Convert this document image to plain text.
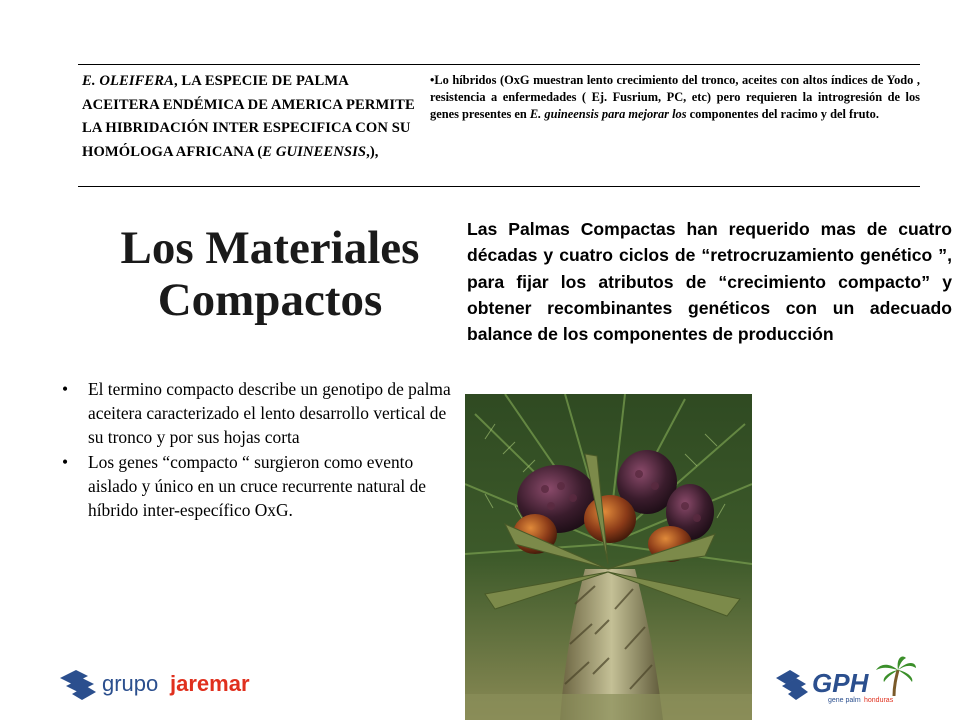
E. OLEIFERA, LA ESPECIE DE PALMA ACEITERA ENDÉMICA DE AMERICA PERMITE LA HIBRIDACIÓN INTER ESPECIFICA CON SU HOMÓLOGA AFRICANA (E GUINEENSIS,),
•Lo híbridos (OxG muestran lento crecimiento del tronco, aceites con altos índices de Yodo , resistencia a enfermedades ( Ej. Fusrium, PC, etc) pero requieren la introgresión de los genes presentes en E. guineensis para mejorar los componentes del racimo y del fruto.
Los Materiales
Compactos
Las Palmas Compactas han requerido mas de cuatro décadas y cuatro ciclos de “retrocruzamiento genético ”, para fijar los atributos de “crecimiento compacto” y obtener recombinantes genéticos con un adecuado balance de los componentes de producción
• El termino compacto describe un genotipo de palma aceitera caracterizado el lento desarrollo vertical de su tronco y por sus hojas corta
• Los genes “compacto “ surgieron como evento aislado y único en un cruce recurrente natural de híbrido inter-específico OxG.
grupo jaremar	GPH
gene palm honduras
